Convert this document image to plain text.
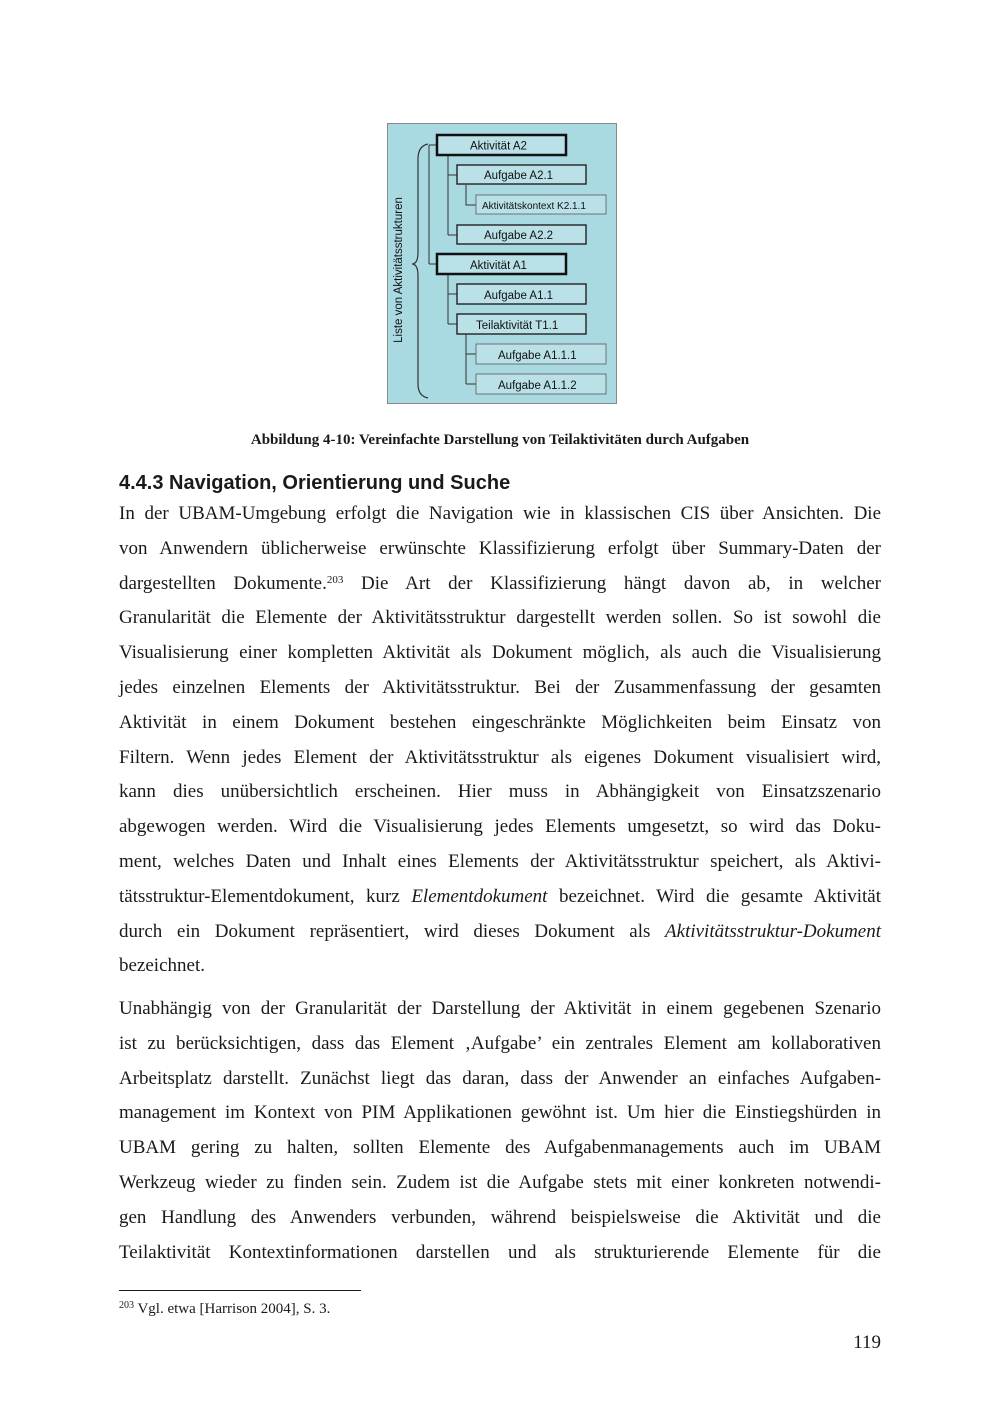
Liste von Aktivitätsstrukturen
Aktivität A2
Aufgabe A2.1
Aktivitätskontext K2.1.1
Aufgabe A2.2
Aktivität A1
Aufgabe A1.1
Teilaktivität T1.1
Aufgabe A1.1.1
Aufgabe A1.1.2
Abbildung 4-10: Vereinfachte Darstellung von Teilaktivitäten durch Aufgaben
4.4.3 Navigation, Orientierung und Suche
In der UBAM-Umgebung erfolgt die Navigation wie in klassischen CIS über Ansichten. Die
von Anwendern üblicherweise erwünschte Klassifizierung erfolgt über Summary-Daten der
dargestellten Dokumente.$^{203}$ Die Art der Klassifizierung hängt davon ab, in welcher
Granularität die Elemente der Aktivitätsstruktur dargestellt werden sollen. So ist sowohl die
Visualisierung einer kompletten Aktivität als Dokument möglich, als auch die Visualisierung
jedes einzelnen Elements der Aktivitätsstruktur. Bei der Zusammenfassung der gesamten
Aktivität in einem Dokument bestehen eingeschränkte Möglichkeiten beim Einsatz von
Filtern. Wenn jedes Element der Aktivitätsstruktur als eigenes Dokument visualisiert wird,
kann dies unübersichtlich erscheinen. Hier muss in Abhängigkeit von Einsatzszenario
abgewogen werden. Wird die Visualisierung jedes Elements umgesetzt, so wird das Doku-
ment, welches Daten und Inhalt eines Elements der Aktivitätsstruktur speichert, als Aktivi-
tätsstruktur-Elementdokument, kurz Elementdokument bezeichnet. Wird die gesamte Aktivität
durch ein Dokument repräsentiert, wird dieses Dokument als Aktivitätsstruktur-Dokument
bezeichnet.
Unabhängig von der Granularität der Darstellung der Aktivität in einem gegebenen Szenario
ist zu berücksichtigen, dass das Element ‚Aufgabe’ ein zentrales Element am kollaborativen
Arbeitsplatz darstellt. Zunächst liegt das daran, dass der Anwender an einfaches Aufgaben-
management im Kontext von PIM Applikationen gewöhnt ist. Um hier die Einstiegshürden in
UBAM gering zu halten, sollten Elemente des Aufgabenmanagements auch im UBAM
Werkzeug wieder zu finden sein. Zudem ist die Aufgabe stets mit einer konkreten notwendi-
gen Handlung des Anwenders verbunden, während beispielsweise die Aktivität und die
Teilaktivität Kontextinformationen darstellen und als strukturierende Elemente für die
$^{203}$ Vgl. etwa [Harrison 2004], S. 3.
119
